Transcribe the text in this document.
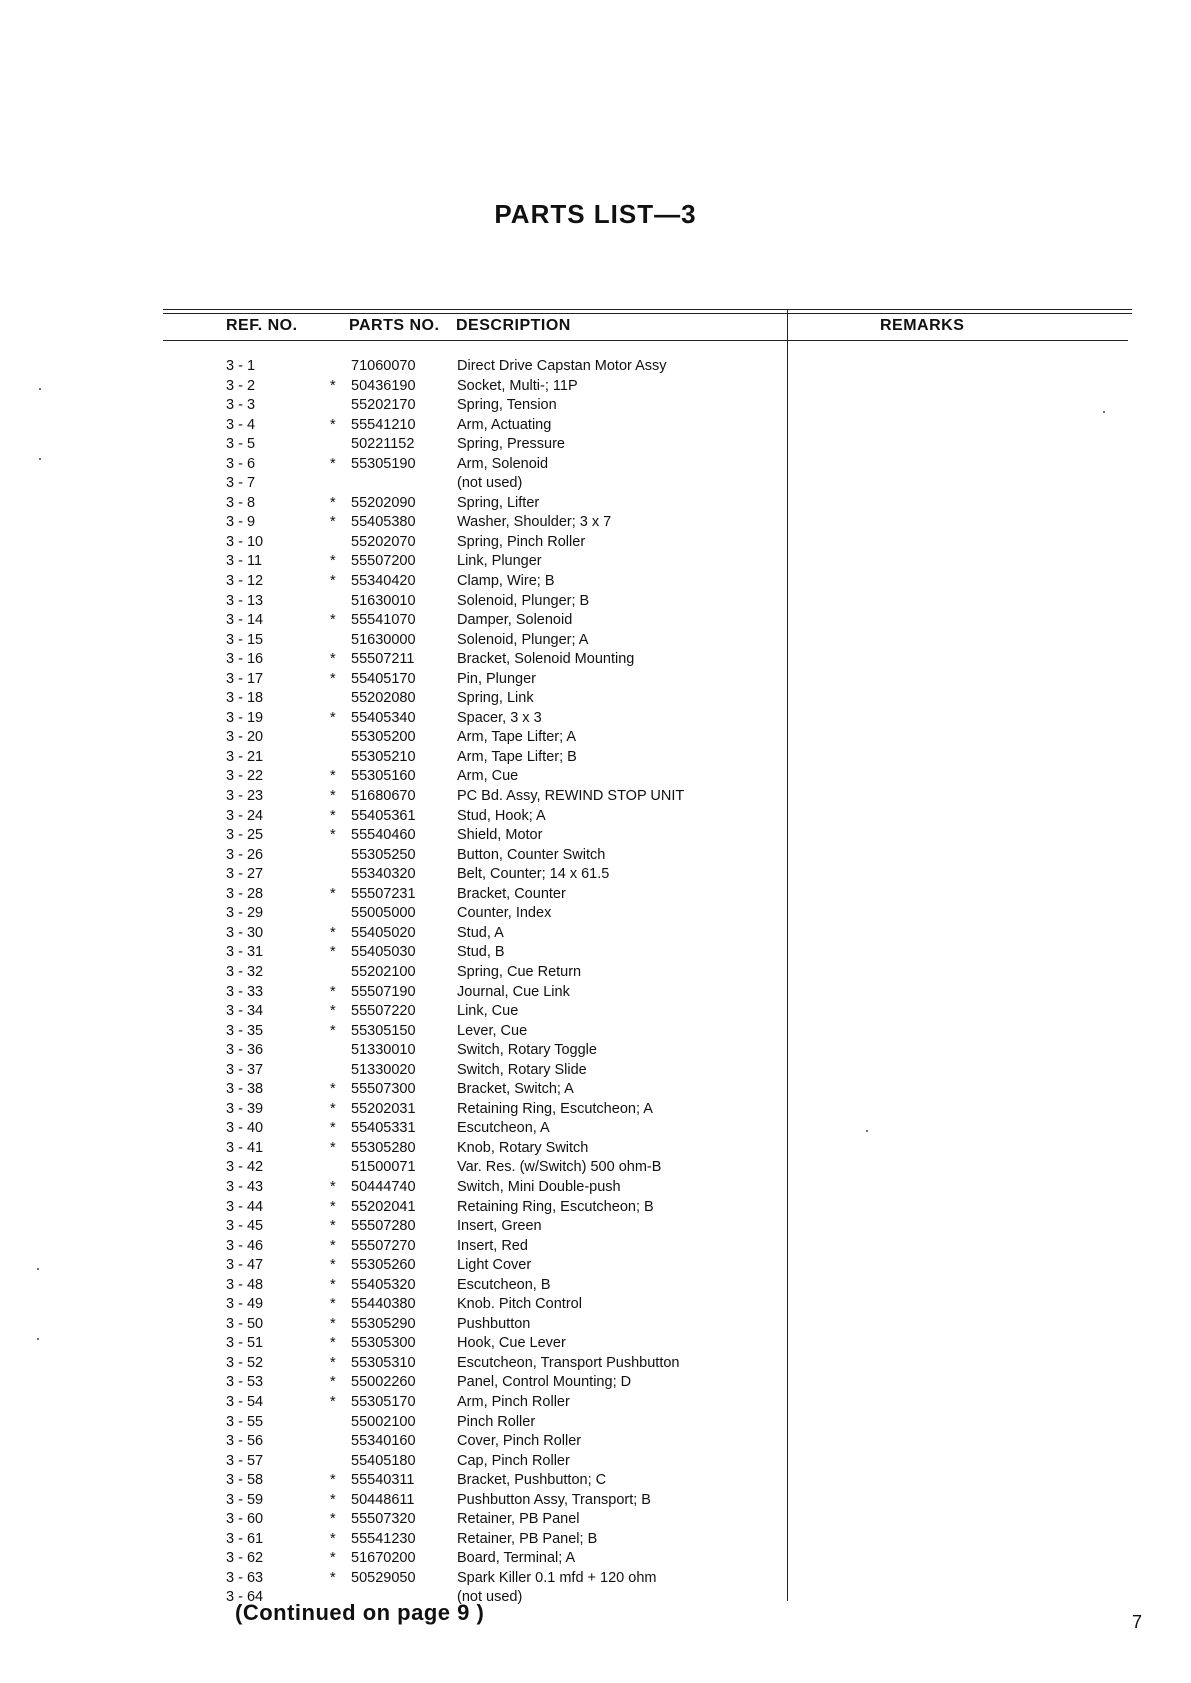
PARTS LIST—3
REF. NO.	PARTS NO. DESCRIPTION	REMARKS
3 - 1	71060070	Direct Drive Capstan Motor Assy
3 - 2	* 50436190	Socket, Multi-; 11P
3 - 3	55202170	Spring, Tension
3 - 4	* 55541210	Arm, Actuating
3 - 5	50221152	Spring, Pressure
3 - 6	* 55305190	Arm, Solenoid
3 - 7	(not used)
3 - 8	* 55202090	Spring, Lifter
3 - 9	* 55405380	Washer, Shoulder; 3 x 7
3 - 10	55202070	Spring, Pinch Roller
3 - 11	* 55507200	Link, Plunger
3 - 12	* 55340420	Clamp, Wire; B
3 - 13	51630010	Solenoid, Plunger; B
3 - 14	* 55541070	Damper, Solenoid
3 - 15	51630000	Solenoid, Plunger; A
3 - 16	* 55507211	Bracket, Solenoid Mounting
3 - 17	* 55405170	Pin, Plunger
3 - 18	55202080	Spring, Link
3 - 19	* 55405340	Spacer, 3 x 3
3 - 20	55305200	Arm, Tape Lifter; A
3 - 21	55305210	Arm, Tape Lifter; B
3 - 22	* 55305160	Arm, Cue
3 - 23	* 51680670	PC Bd. Assy, REWIND STOP UNIT
3 - 24	* 55405361	Stud, Hook; A
3 - 25	* 55540460	Shield, Motor
3 - 26	55305250	Button, Counter Switch
3 - 27	55340320	Belt, Counter; 14 x 61.5
3 - 28	* 55507231	Bracket, Counter
3 - 29	55005000	Counter, Index
3 - 30	* 55405020	Stud, A
3 - 31	* 55405030	Stud, B
3 - 32	55202100	Spring, Cue Return
3 - 33	* 55507190	Journal, Cue Link
3 - 34	* 55507220	Link, Cue
3 - 35	* 55305150	Lever, Cue
3 - 36	51330010	Switch, Rotary Toggle
3 - 37	51330020	Switch, Rotary Slide
3 - 38	* 55507300	Bracket, Switch; A
3 - 39	* 55202031	Retaining Ring, Escutcheon; A
3 - 40	* 55405331	Escutcheon, A
3 - 41	* 55305280	Knob, Rotary Switch
3 - 42	51500071	Var. Res. (w/Switch) 500 ohm-B
3 - 43	* 50444740	Switch, Mini Double-push
3 - 44	* 55202041	Retaining Ring, Escutcheon; B
3 - 45	* 55507280	Insert, Green
3 - 46	* 55507270	Insert, Red
3 - 47	* 55305260	Light Cover
3 - 48	* 55405320	Escutcheon, B
3 - 49	* 55440380	Knob. Pitch Control
3 - 50	* 55305290	Pushbutton
3 - 51	* 55305300	Hook, Cue Lever
3 - 52	* 55305310	Escutcheon, Transport Pushbutton
3 - 53	* 55002260	Panel, Control Mounting; D
3 - 54	* 55305170	Arm, Pinch Roller
3 - 55	55002100	Pinch Roller
3 - 56	55340160	Cover, Pinch Roller
3 - 57	55405180	Cap, Pinch Roller
3 - 58	* 55540311	Bracket, Pushbutton; C
3 - 59	* 50448611	Pushbutton Assy, Transport; B
3 - 60	* 55507320	Retainer, PB Panel
3 - 61	* 55541230	Retainer, PB Panel; B
3 - 62	* 51670200	Board, Terminal; A
3 - 63	* 50529050	Spark Killer 0.1 mfd + 120 ohm
3 - 64	(not used)
(Continued on page 9 )	7
